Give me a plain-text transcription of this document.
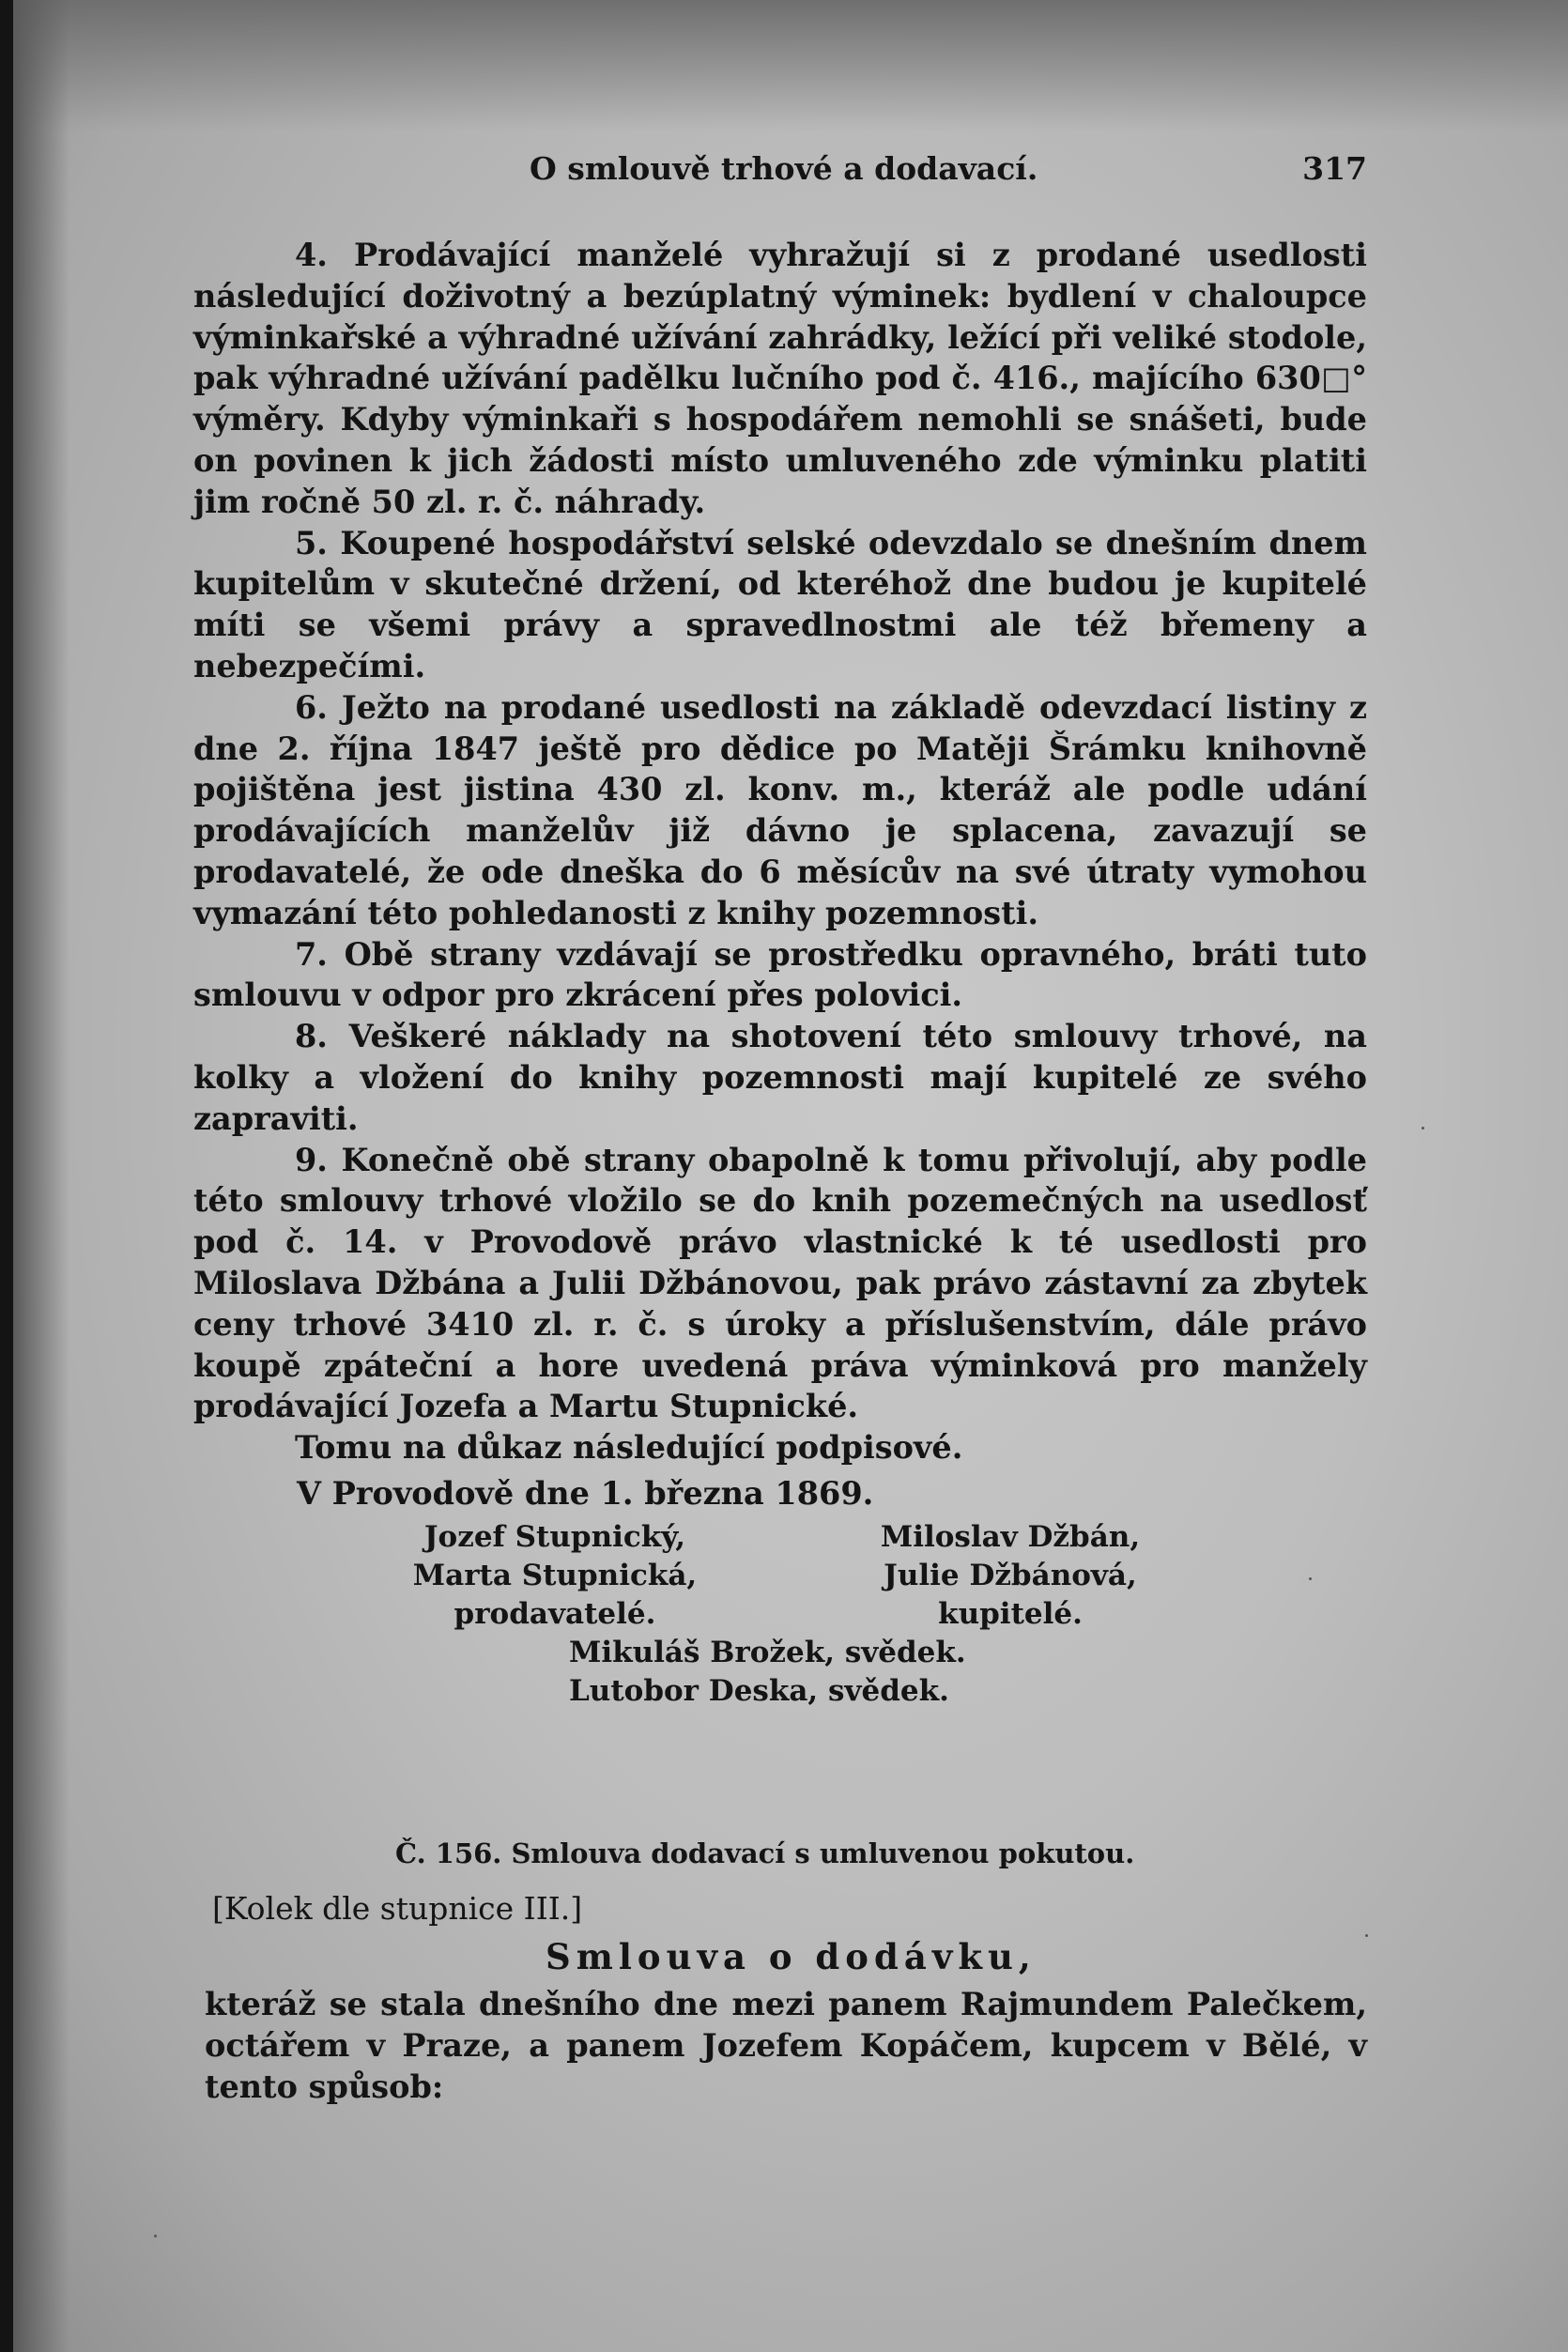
O smlouvě trhové a dodavací.	317

4. Prodávající manželé vyhražují si z prodané usedlosti následující doživotný a bezúplatný výminek: bydlení v chaloupce výminkařské a výhradné užívání zahrádky, ležící při veliké stodole, pak výhradné užívání padělku lučního pod č. 416., majícího 630□° výměry. Kdyby výminkaři s hospodářem nemohli se snášeti, bude on povinen k jich žádosti místo umluveného zde výminku platiti jim ročně 50 zl. r. č. náhrady.

5. Koupené hospodářství selské odevzdalo se dnešním dnem kupitelům v skutečné držení, od kteréhož dne budou je kupitelé míti se všemi právy a spravedlnostmi ale též břemeny a nebezpečími.

6. Ježto na prodané usedlosti na základě odevzdací listiny z dne 2. října 1847 ještě pro dědice po Matěji Šrámku knihovně pojištěna jest jistina 430 zl. konv. m., kteráž ale podle udání prodávajících manželův již dávno je splacena, zavazují se prodavatelé, že ode dneška do 6 měsícův na své útraty vymohou vymazání této pohledanosti z knihy pozemnosti.

7. Obě strany vzdávají se prostředku opravného, bráti tuto smlouvu v odpor pro zkrácení přes polovici.

8. Veškeré náklady na shotovení této smlouvy trhové, na kolky a vložení do knihy pozemnosti mají kupitelé ze svého zapraviti.

9. Konečně obě strany obapolně k tomu přivolují, aby podle této smlouvy trhové vložilo se do knih pozemečných na usedlosť pod č. 14. v Provodově právo vlastnické k té usedlosti pro Miloslava Džbána a Julii Džbánovou, pak právo zástavní za zbytek ceny trhové 3410 zl. r. č. s úroky a příslušenstvím, dále právo koupě zpáteční a hore uvedená práva výminková pro manžely prodávající Jozefa a Martu Stupnické.

Tomu na důkaz následující podpisové.

V Provodově dne 1. března 1869.

Jozef Stupnický,
Marta Stupnická,
prodavatelé.
Miloslav Džbán,
Julie Džbánová,
kupitelé.
Mikuláš Brožek, svědek.
Lutobor Deska, svědek.
Č. 156. Smlouva dodavací s umluvenou pokutou.
[Kolek dle stupnice III.]
Smlouva o dodávku,

kteráž se stala dnešního dne mezi panem Rajmundem Palečkem, octářem v Praze, a panem Jozefem Kopáčem, kupcem v Bělé, v tento spůsob:
